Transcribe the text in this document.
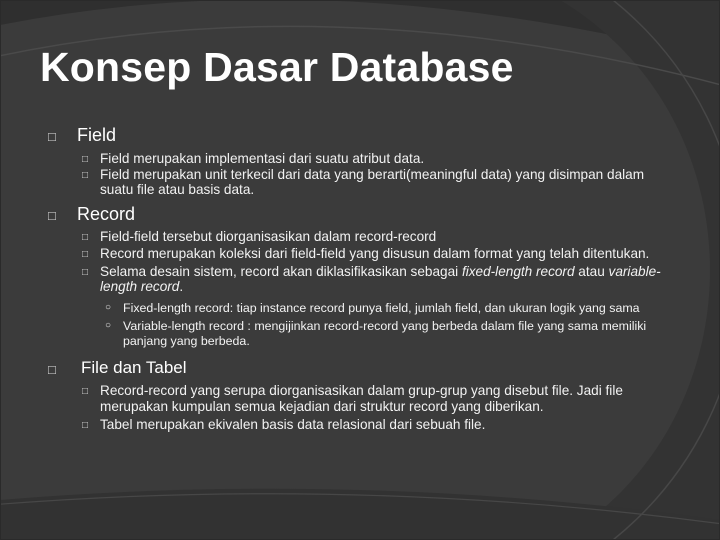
Konsep Dasar Database
□ Field
□ Field merupakan implementasi dari suatu atribut data.
□ Field merupakan unit terkecil dari data yang berarti(meaningful data) yang disimpan dalam suatu file atau basis data.
□ Record
□ Field-field tersebut diorganisasikan dalam record-record
□ Record merupakan koleksi dari field-field yang disusun dalam format yang telah ditentukan.
□ Selama desain sistem, record akan diklasifikasikan sebagai fixed-length record atau variable-length record.
○ Fixed-length record: tiap instance record punya field, jumlah field, dan ukuran logik yang sama
○ Variable-length record : mengijinkan record-record yang berbeda dalam file yang sama memiliki panjang yang berbeda.
□ File dan Tabel
□ Record-record yang serupa diorganisasikan dalam grup-grup yang disebut file. Jadi file merupakan kumpulan semua kejadian dari struktur record yang diberikan.
□ Tabel merupakan ekivalen basis data relasional dari sebuah file.
